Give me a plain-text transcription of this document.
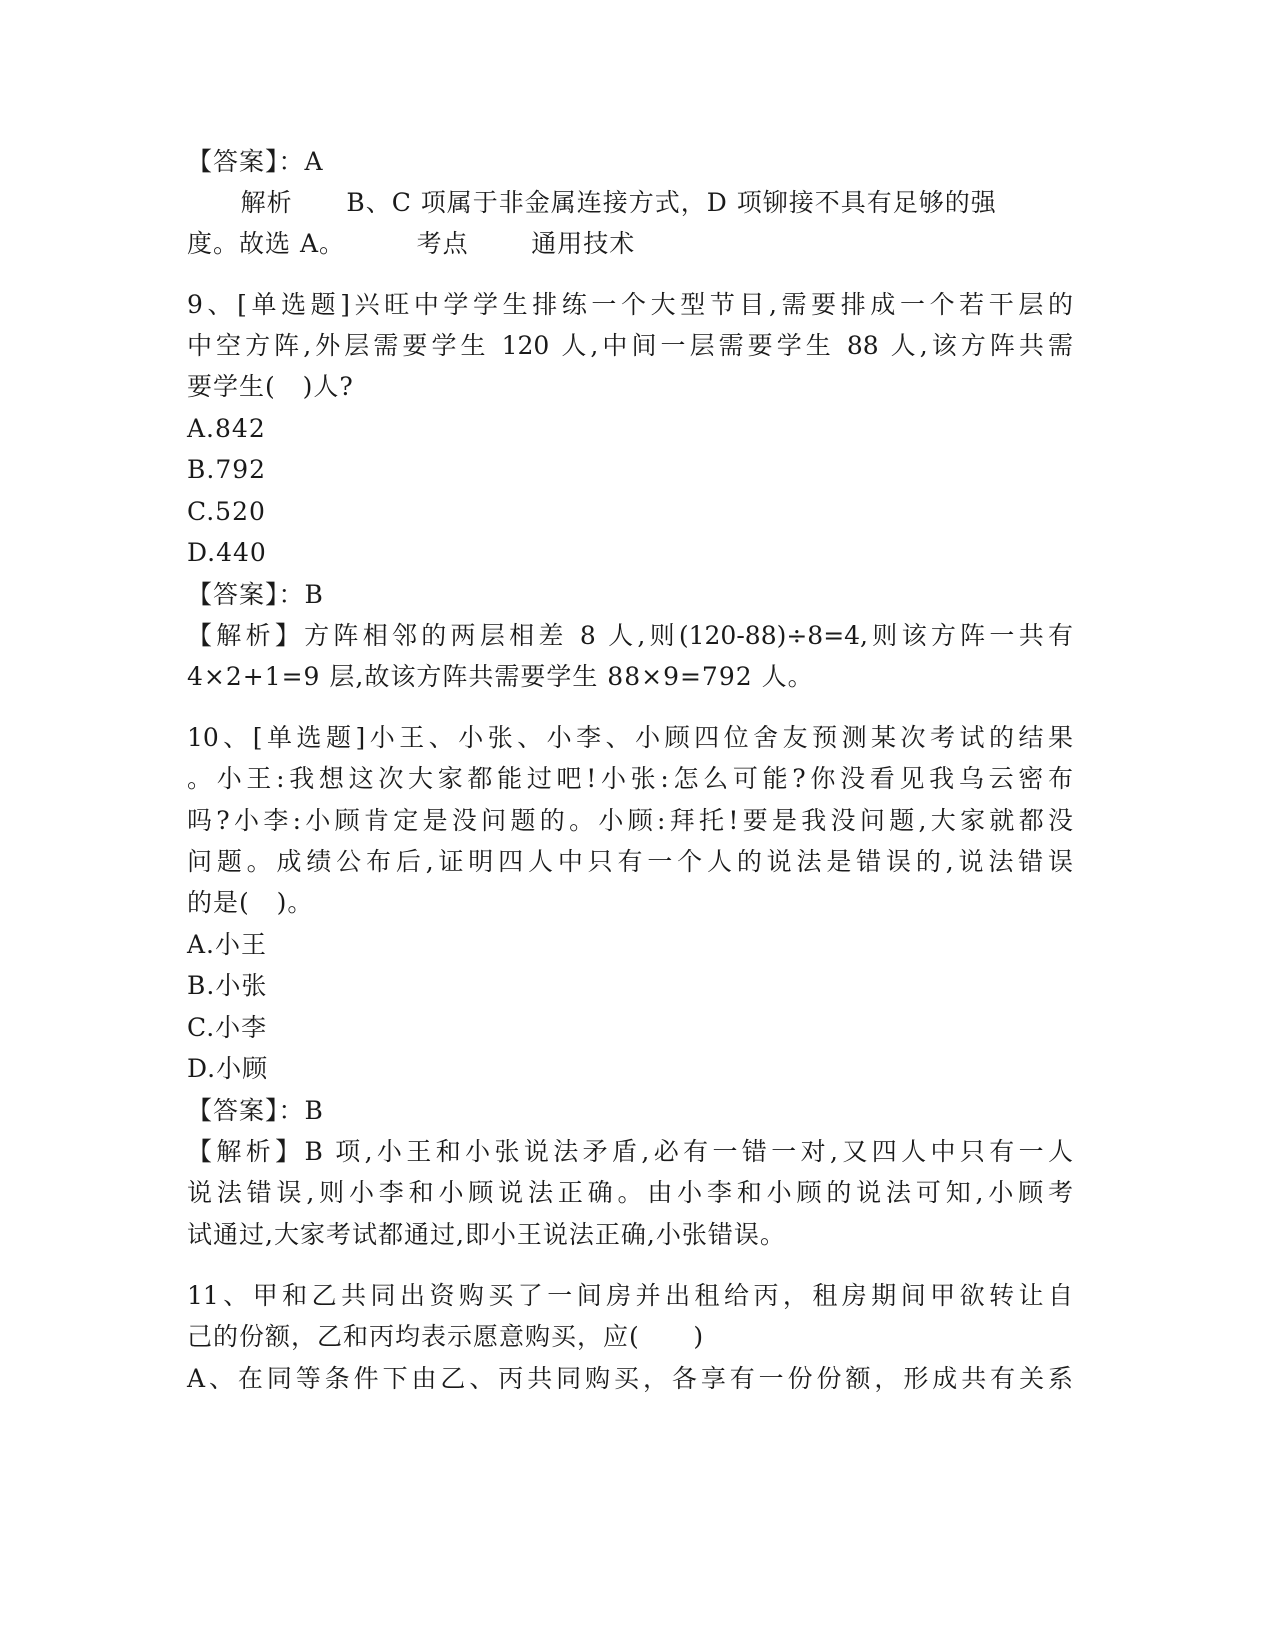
【答案】：A

解析      B、C 项属于非金属连接方式，D 项铆接不具有足够的强

度。故选 A。        考点       通用技术

9、[单选题]兴旺中学学生排练一个大型节目,需要排成一个若干层的

中空方阵,外层需要学生 120 人,中间一层需要学生 88 人,该方阵共需

要学生(   )人?

A.842

B.792

C.520

D.440

【答案】：B

【解析】方阵相邻的两层相差 8 人,则(120-88)÷8=4,则该方阵一共有

4×2+1=9 层,故该方阵共需要学生 88×9=792 人。

10、[单选题]小王、小张、小李、小顾四位舍友预测某次考试的结果

。小王:我想这次大家都能过吧!小张:怎么可能?你没看见我乌云密布

吗?小李:小顾肯定是没问题的。小顾:拜托!要是我没问题,大家就都没

问题。成绩公布后,证明四人中只有一个人的说法是错误的,说法错误

的是(   )。

A.小王

B.小张

C.小李

D.小顾

【答案】：B

【解析】B 项,小王和小张说法矛盾,必有一错一对,又四人中只有一人

说法错误,则小李和小顾说法正确。由小李和小顾的说法可知,小顾考

试通过,大家考试都通过,即小王说法正确,小张错误。

11、甲和乙共同出资购买了一间房并出租给丙，租房期间甲欲转让自

己的份额，乙和丙均表示愿意购买，应(      )

A、在同等条件下由乙、丙共同购买，各享有一份份额，形成共有关系
